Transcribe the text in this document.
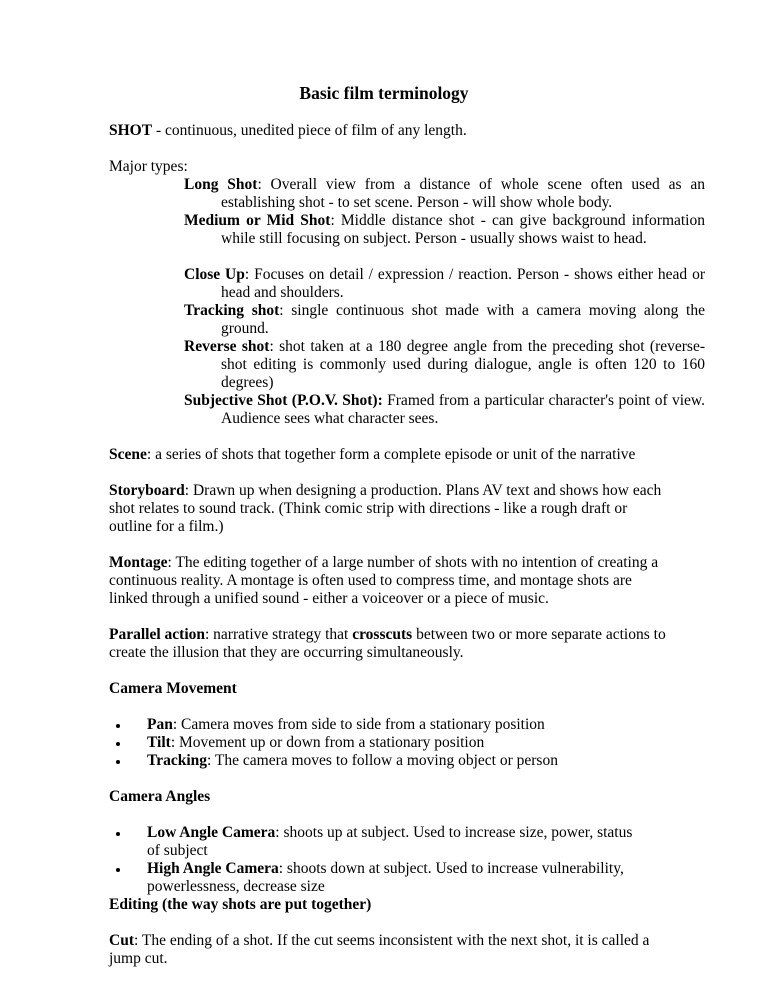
Basic film terminology
SHOT - continuous, unedited piece of film of any length.
Major types:
Long Shot: Overall view from a distance of whole scene often used as an establishing shot - to set scene. Person - will show whole body.
Medium or Mid Shot: Middle distance shot - can give background information while still focusing on subject. Person - usually shows waist to head.
Close Up: Focuses on detail / expression / reaction. Person - shows either head or head and shoulders.
Tracking shot: single continuous shot made with a camera moving along the ground.
Reverse shot: shot taken at a 180 degree angle from the preceding shot (reverse-shot editing is commonly used during dialogue, angle is often 120 to 160 degrees)
Subjective Shot (P.O.V. Shot): Framed from a particular character's point of view. Audience sees what character sees.
Scene: a series of shots that together form a complete episode or unit of the narrative
Storyboard: Drawn up when designing a production. Plans AV text and shows how each shot relates to sound track. (Think comic strip with directions - like a rough draft or outline for a film.)
Montage: The editing together of a large number of shots with no intention of creating a continuous reality. A montage is often used to compress time, and montage shots are linked through a unified sound - either a voiceover or a piece of music.
Parallel action: narrative strategy that crosscuts between two or more separate actions to create the illusion that they are occurring simultaneously.
Camera Movement
Pan: Camera moves from side to side from a stationary position
Tilt: Movement up or down from a stationary position
Tracking: The camera moves to follow a moving object or person
Camera Angles
Low Angle Camera: shoots up at subject. Used to increase size, power, status of subject
High Angle Camera: shoots down at subject. Used to increase vulnerability, powerlessness, decrease size
Editing (the way shots are put together)
Cut: The ending of a shot. If the cut seems inconsistent with the next shot, it is called a jump cut.
